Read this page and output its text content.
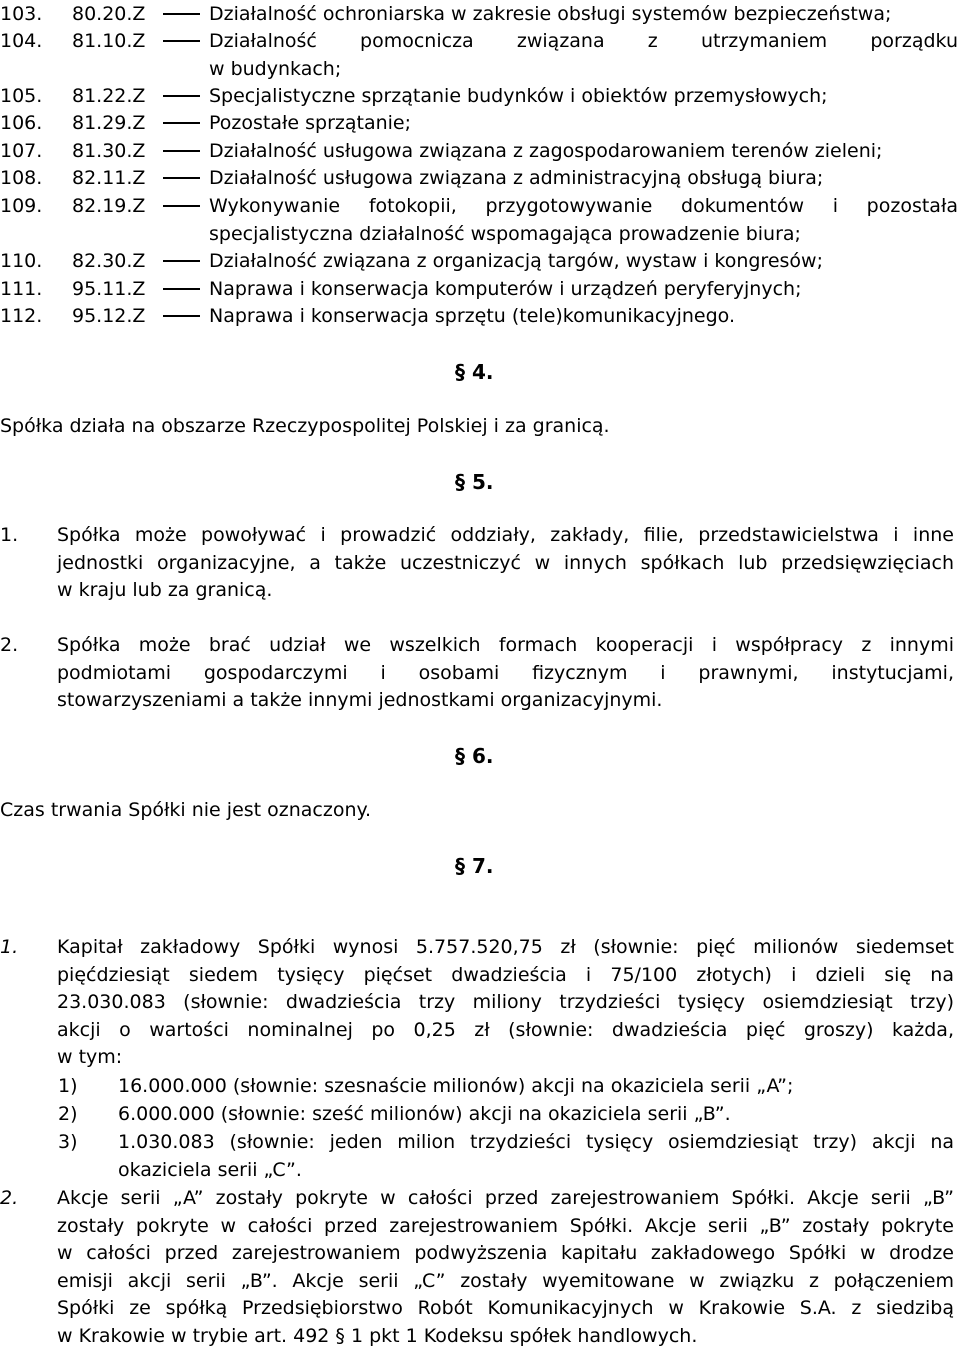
103. 80.20.Z	Działalność ochroniarska w zakresie obsługi systemów bezpieczeństwa;
104. 81.10.Z	Działalność pomocnicza związana z utrzymaniem porządku
w budynkach;
105. 81.22.Z	Specjalistyczne sprzątanie budynków i obiektów przemysłowych;
106. 81.29.Z	Pozostałe sprzątanie;
107. 81.30.Z	Działalność usługowa związana z zagospodarowaniem terenów zieleni;
108. 82.11.Z	Działalność usługowa związana z administracyjną obsługą biura;
109. 82.19.Z	Wykonywanie fotokopii, przygotowywanie dokumentów i pozostała
specjalistyczna działalność wspomagająca prowadzenie biura;
110. 82.30.Z	Działalność związana z organizacją targów, wystaw i kongresów;
111. 95.11.Z	Naprawa i konserwacja komputerów i urządzeń peryferyjnych;
112. 95.12.Z	Naprawa i konserwacja sprzętu (tele)komunikacyjnego.
§ 4.
Spółka działa na obszarze Rzeczypospolitej Polskiej i za granicą.
§ 5.
1. Spółka może powoływać i prowadzić oddziały, zakłady, filie, przedstawicielstwa i inne
jednostki organizacyjne, a także uczestniczyć w innych spółkach lub przedsięwzięciach
w kraju lub za granicą.
2. Spółka może brać udział we wszelkich formach kooperacji i współpracy z innymi
podmiotami gospodarczymi i osobami fizycznym i prawnymi, instytucjami,
stowarzyszeniami a także innymi jednostkami organizacyjnymi.
§ 6.
Czas trwania Spółki nie jest oznaczony.
§ 7.
1. Kapitał zakładowy Spółki wynosi 5.757.520,75 zł (słownie: pięć milionów siedemset
pięćdziesiąt siedem tysięcy pięćset dwadzieścia i 75/100 złotych) i dzieli się na
23.030.083 (słownie: dwadzieścia trzy miliony trzydzieści tysięcy osiemdziesiąt trzy)
akcji o wartości nominalnej po 0,25 zł (słownie: dwadzieścia pięć groszy) każda,
w tym:
1) 16.000.000 (słownie: szesnaście milionów) akcji na okaziciela serii „A”;
2) 6.000.000 (słownie: sześć milionów) akcji na okaziciela serii „B”.
3) 1.030.083 (słownie: jeden milion trzydzieści tysięcy osiemdziesiąt trzy) akcji na
okaziciela serii „C”.
2. Akcje serii „A” zostały pokryte w całości przed zarejestrowaniem Spółki. Akcje serii „B”
zostały pokryte w całości przed zarejestrowaniem Spółki. Akcje serii „B” zostały pokryte
w całości przed zarejestrowaniem podwyższenia kapitału zakładowego Spółki w drodze
emisji akcji serii „B”. Akcje serii „C” zostały wyemitowane w związku z połączeniem
Spółki ze spółką Przedsiębiorstwo Robót Komunikacyjnych w Krakowie S.A. z siedzibą
w Krakowie w trybie art. 492 § 1 pkt 1 Kodeksu spółek handlowych.
